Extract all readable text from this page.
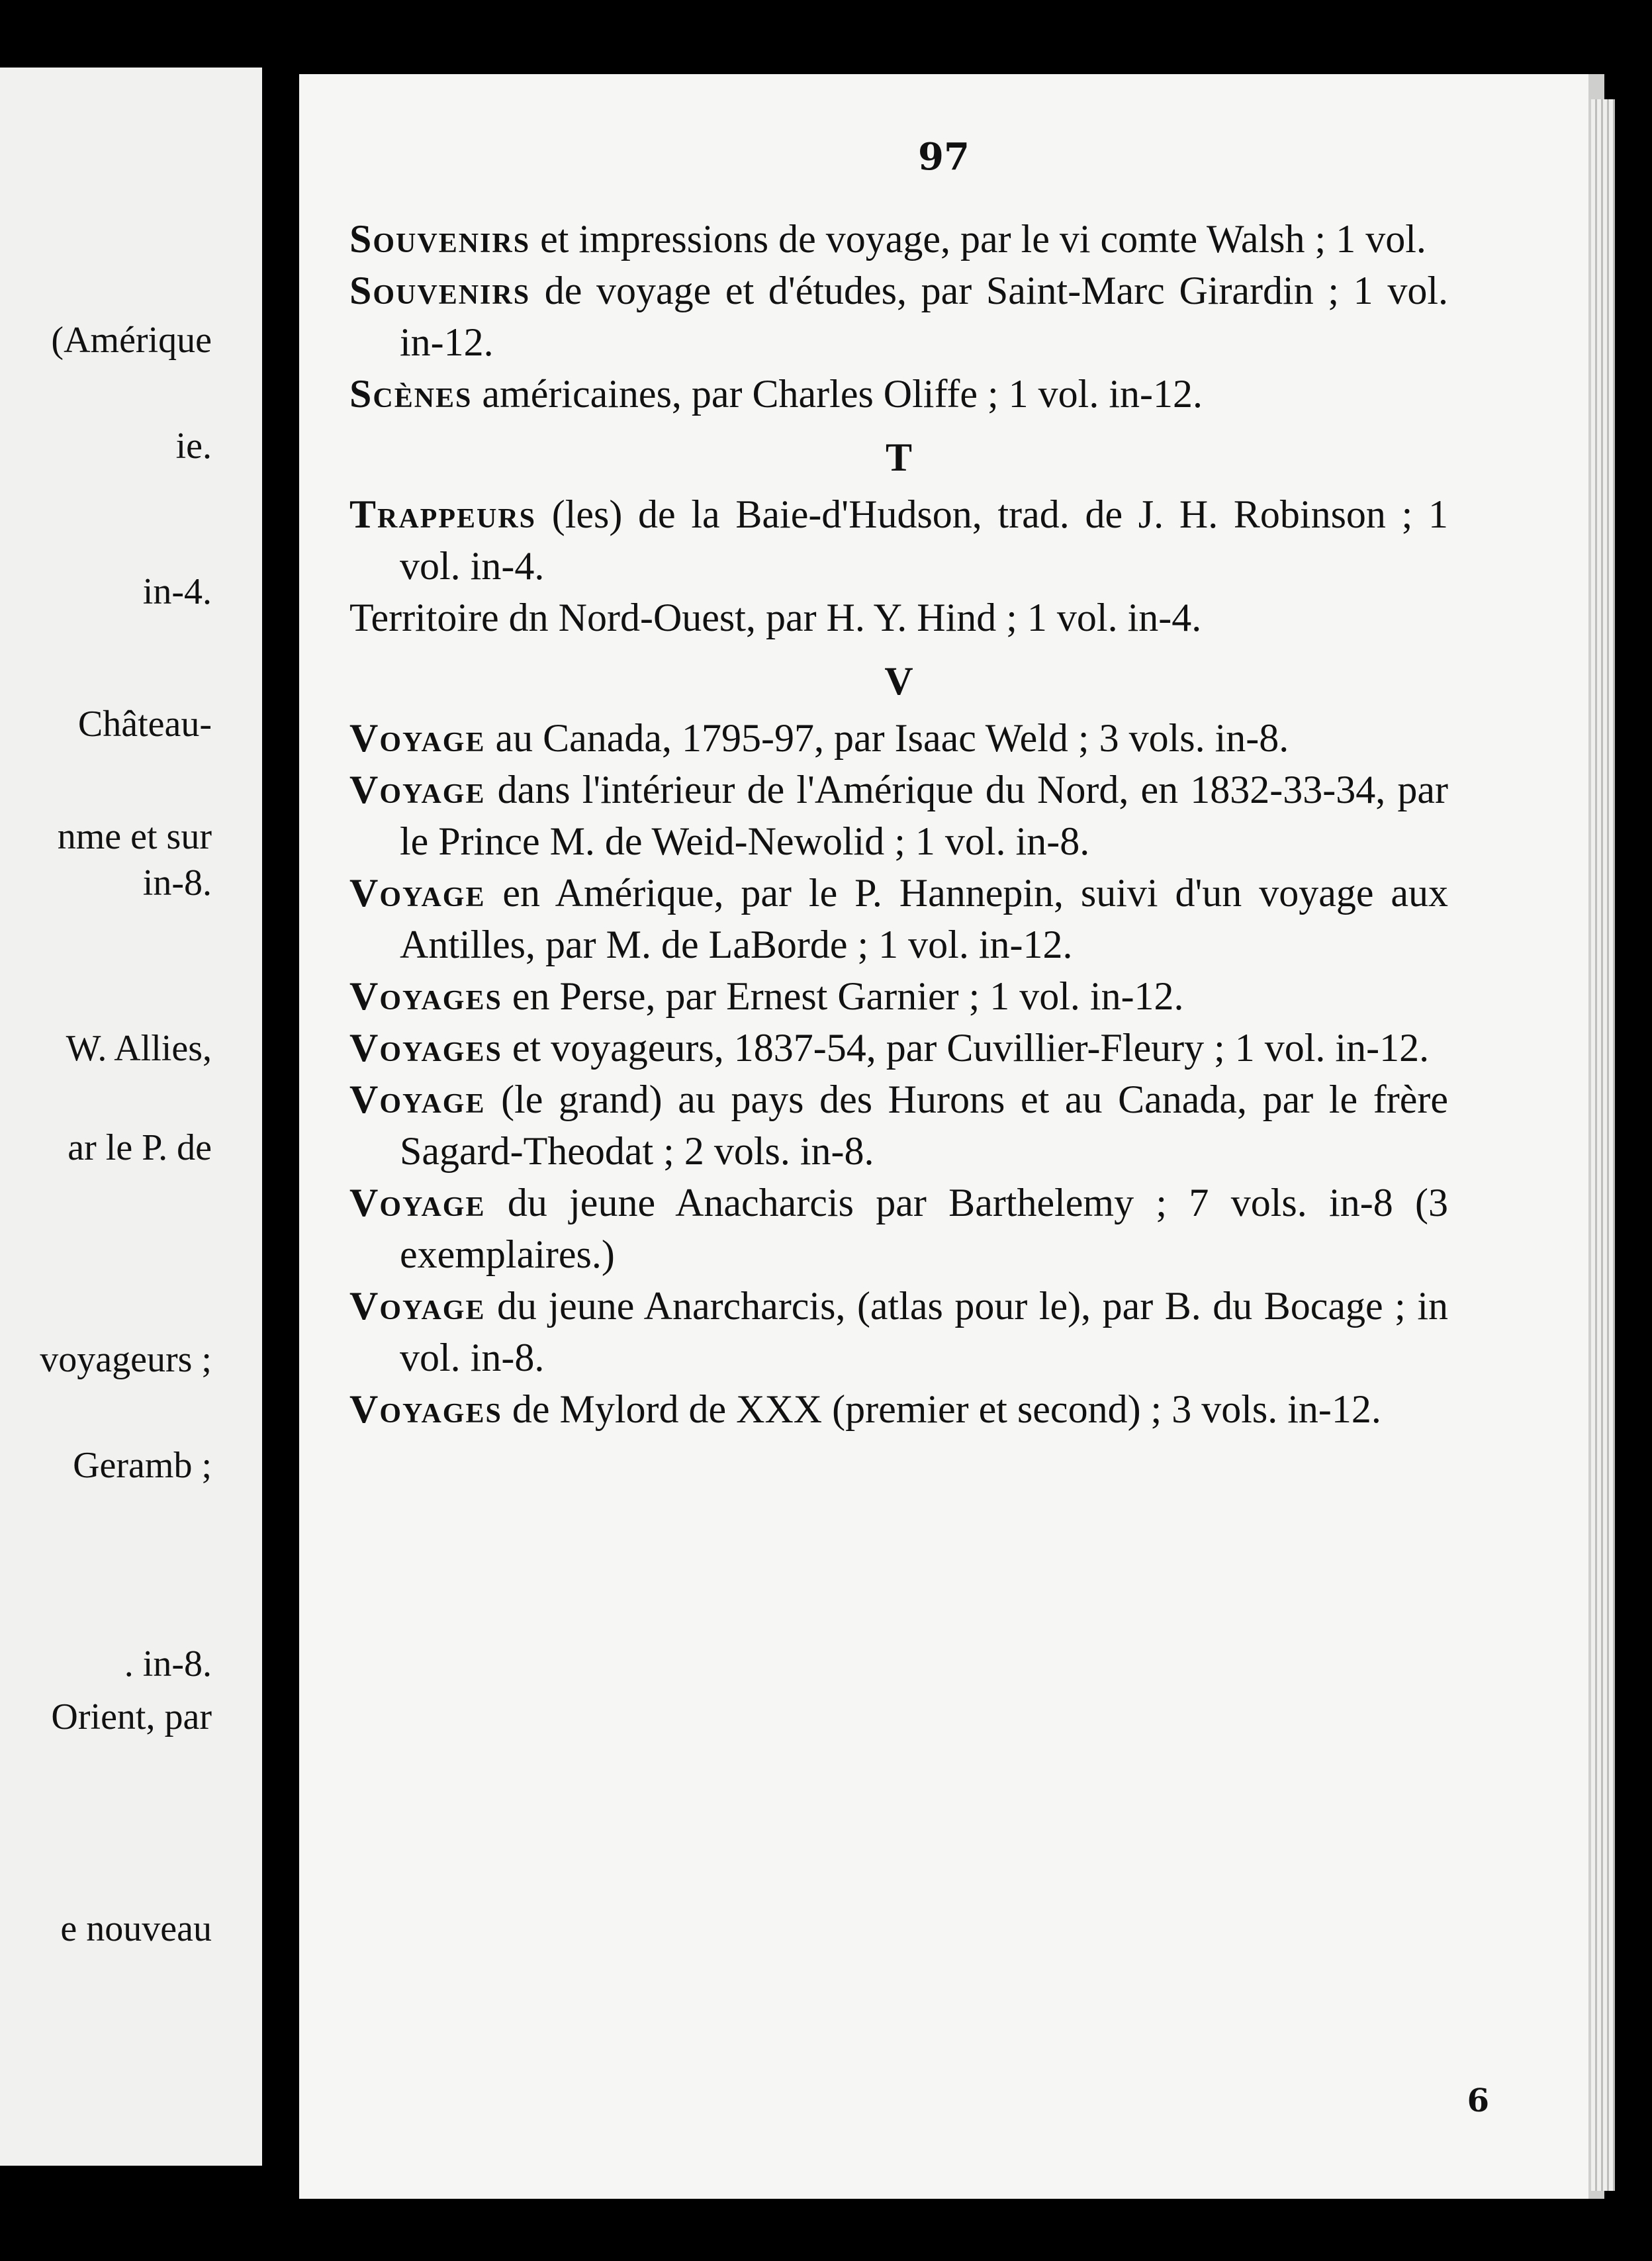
(Amérique
ie.
in-4.
Château-
nme et sur
in-8.
W. Allies,
ar le P. de
voyageurs ;
Geramb ;
. in-8.
Orient, par
e nouveau
97

Souvenirs et impressions de voyage, par le vi comte Walsh ; 1 vol.

Souvenirs de voyage et d'études, par Saint-Marc Girardin ; 1 vol. in-12.

Scènes américaines, par Charles Oliffe ; 1 vol. in-12.

T

Trappeurs (les) de la Baie-d'Hudson, trad. de J. H. Robinson ; 1 vol. in-4.

Territoire dn Nord-Ouest, par H. Y. Hind ; 1 vol. in-4.

V

Voyage au Canada, 1795-97, par Isaac Weld ; 3 vols. in-8.

Voyage dans l'intérieur de l'Amérique du Nord, en 1832-33-34, par le Prince M. de Weid-Newolid ; 1 vol. in-8.

Voyage en Amérique, par le P. Hannepin, suivi d'un voyage aux Antilles, par M. de LaBorde ; 1 vol. in-12.

Voyages en Perse, par Ernest Garnier ; 1 vol. in-12.

Voyages et voyageurs, 1837-54, par Cuvillier-Fleury ; 1 vol. in-12.

Voyage (le grand) au pays des Hurons et au Canada, par le frère Sagard-Theodat ; 2 vols. in-8.

Voyage du jeune Anacharcis par Barthelemy ; 7 vols. in-8 (3 exemplaires.)

Voyage du jeune Anarcharcis, (atlas pour le), par B. du Bocage ; in vol. in-8.

Voyages de Mylord de XXX (premier et second) ; 3 vols. in-12.

6
